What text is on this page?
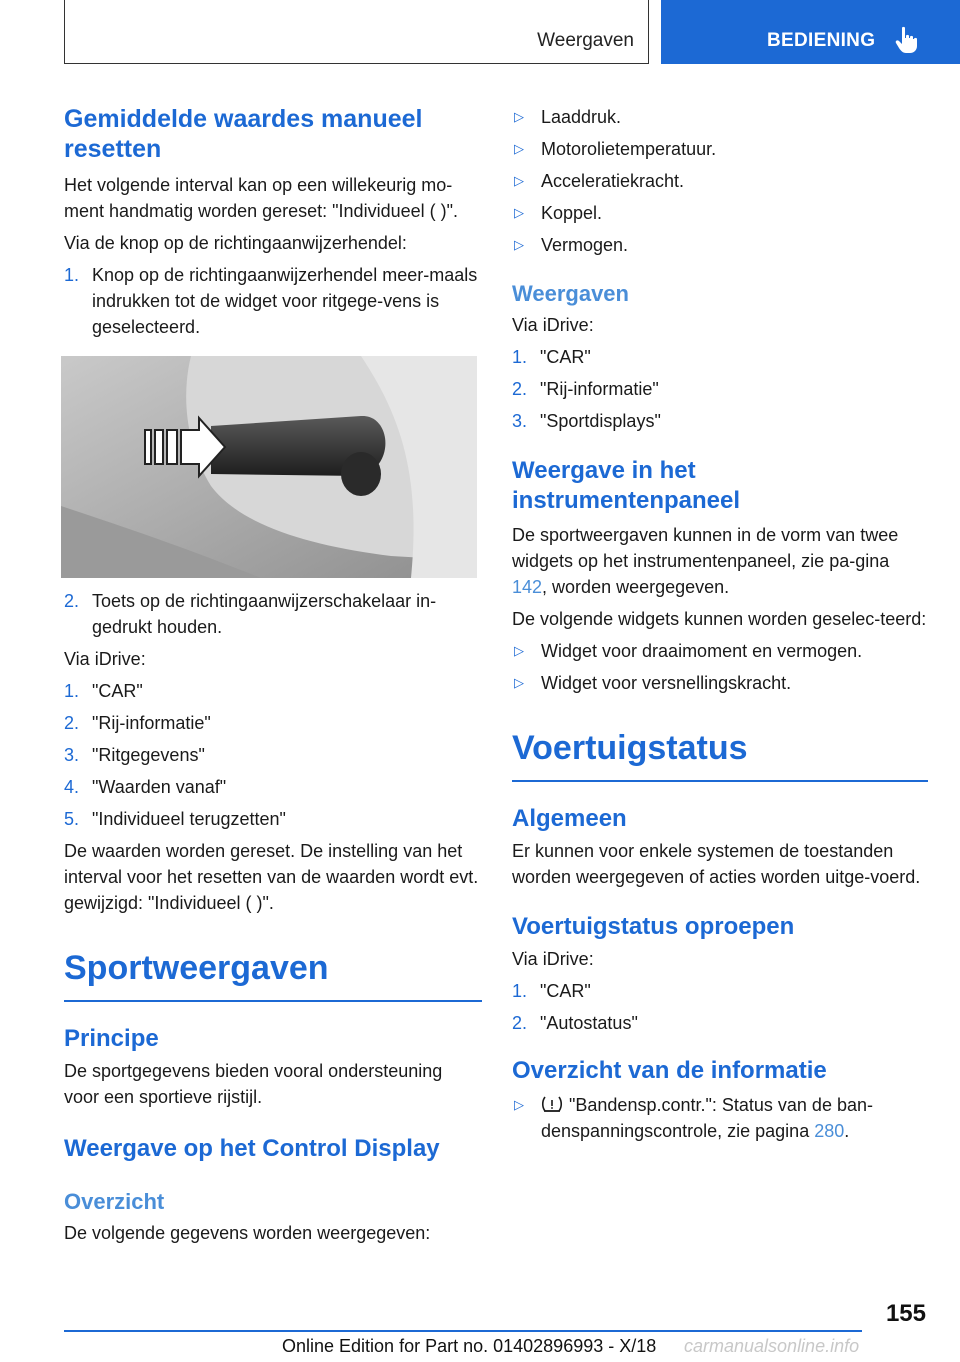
Weergaven	BEDIENING
Gemiddelde waardes manueel resetten

Het volgende interval kan op een willekeurig mo-ment handmatig worden gereset: "Individueel ( )".

Via de knop op de richtingaanwijzerhendel:

1. Knop op de richtingaanwijzerhendel meer-maals indrukken tot de widget voor ritgege-vens is geselecteerd.
2. Toets op de richtingaanwijzerschakelaar in-gedrukt houden.

Via iDrive:

1. "CAR"
2. "Rij-informatie"
3. "Ritgegevens"
4. "Waarden vanaf"
5. "Individueel terugzetten"

De waarden worden gereset. De instelling van het interval voor het resetten van de waarden wordt evt. gewijzigd: "Individueel ( )".

Sportweergaven
Principe

De sportgegevens bieden vooral ondersteuning voor een sportieve rijstijl.

Weergave op het Control Display
Overzicht

De volgende gegevens worden weergegeven:

▷ Laaddruk.
▷ Motorolietemperatuur.
▷ Acceleratiekracht.
▷ Koppel.
▷ Vermogen.
Weergaven

Via iDrive:

1. "CAR"
2. "Rij-informatie"
3. "Sportdisplays"
Weergave in het instrumentenpaneel

De sportweergaven kunnen in de vorm van twee widgets op het instrumentenpaneel, zie pa-gina 142, worden weergegeven.

De volgende widgets kunnen worden geselec-teerd:

▷ Widget voor draaimoment en vermogen.
▷ Widget voor versnellingskracht.
Voertuigstatus
Algemeen

Er kunnen voor enkele systemen de toestanden worden weergegeven of acties worden uitge-voerd.

Voertuigstatus oproepen

Via iDrive:

1. "CAR"
2. "Autostatus"
Overzicht van de informatie
▷	"Bandensp.contr.": Status van de ban-denspanningscontrole, zie pagina 280.
155
Online Edition for Part no. 01402896993 - X/18 carmanualsonline.info
